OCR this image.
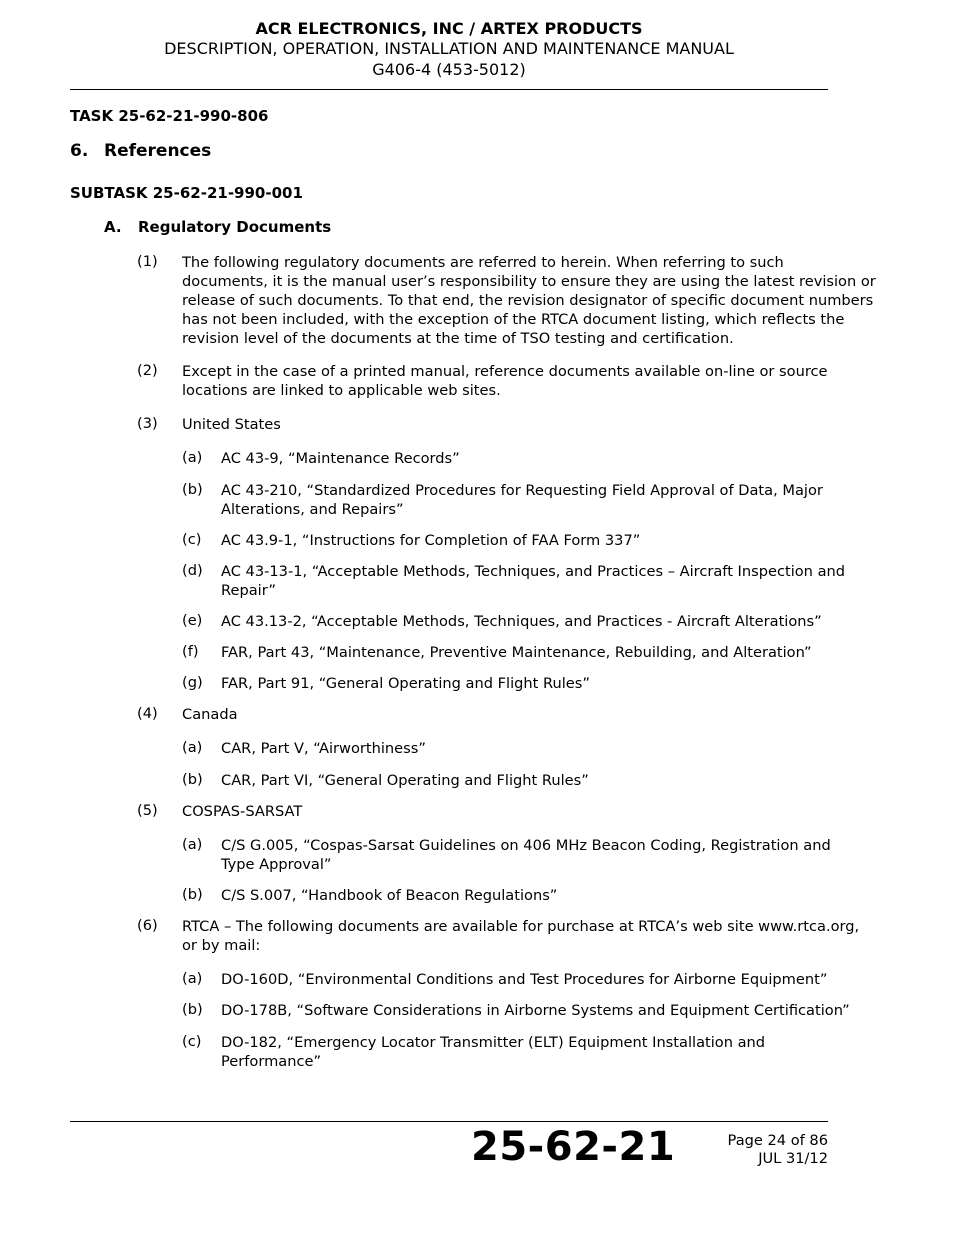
ACR ELECTRONICS, INC / ARTEX PRODUCTS
DESCRIPTION, OPERATION, INSTALLATION AND MAINTENANCE MANUAL
G406-4 (453-5012)
TASK 25-62-21-990-806
6. References
SUBTASK 25-62-21-990-001
A. Regulatory Documents
(1) The following regulatory documents are referred to herein. When referring to such
documents, it is the manual user’s responsibility to ensure they are using the latest revision or
release of such documents. To that end, the revision designator of specific document numbers
has not been included, with the exception of the RTCA document listing, which reflects the
revision level of the documents at the time of TSO testing and certification.
(2) Except in the case of a printed manual, reference documents available on-line or source
locations are linked to applicable web sites.
(3) United States
(a) AC 43-9, “Maintenance Records”
(b) AC 43-210, “Standardized Procedures for Requesting Field Approval of Data, Major
Alterations, and Repairs”
(c) AC 43.9-1, “Instructions for Completion of FAA Form 337”
(d) AC 43-13-1, “Acceptable Methods, Techniques, and Practices – Aircraft Inspection and
Repair”
(e) AC 43.13-2, “Acceptable Methods, Techniques, and Practices - Aircraft Alterations”
(f) FAR, Part 43, “Maintenance, Preventive Maintenance, Rebuilding, and Alteration”
(g) FAR, Part 91, “General Operating and Flight Rules”
(4) Canada
(a) CAR, Part V, “Airworthiness”
(b) CAR, Part VI, “General Operating and Flight Rules”
(5) COSPAS-SARSAT
(a) C/S G.005, “Cospas-Sarsat Guidelines on 406 MHz Beacon Coding, Registration and
Type Approval”
(b) C/S S.007, “Handbook of Beacon Regulations”
(6) RTCA – The following documents are available for purchase at RTCA’s web site www.rtca.org,
or by mail:
(a) DO-160D, “Environmental Conditions and Test Procedures for Airborne Equipment”
(b) DO-178B, “Software Considerations in Airborne Systems and Equipment Certification”
(c) DO-182, “Emergency Locator Transmitter (ELT) Equipment Installation and
Performance”
25-62-21	Page 24 of 86
JUL 31/12
